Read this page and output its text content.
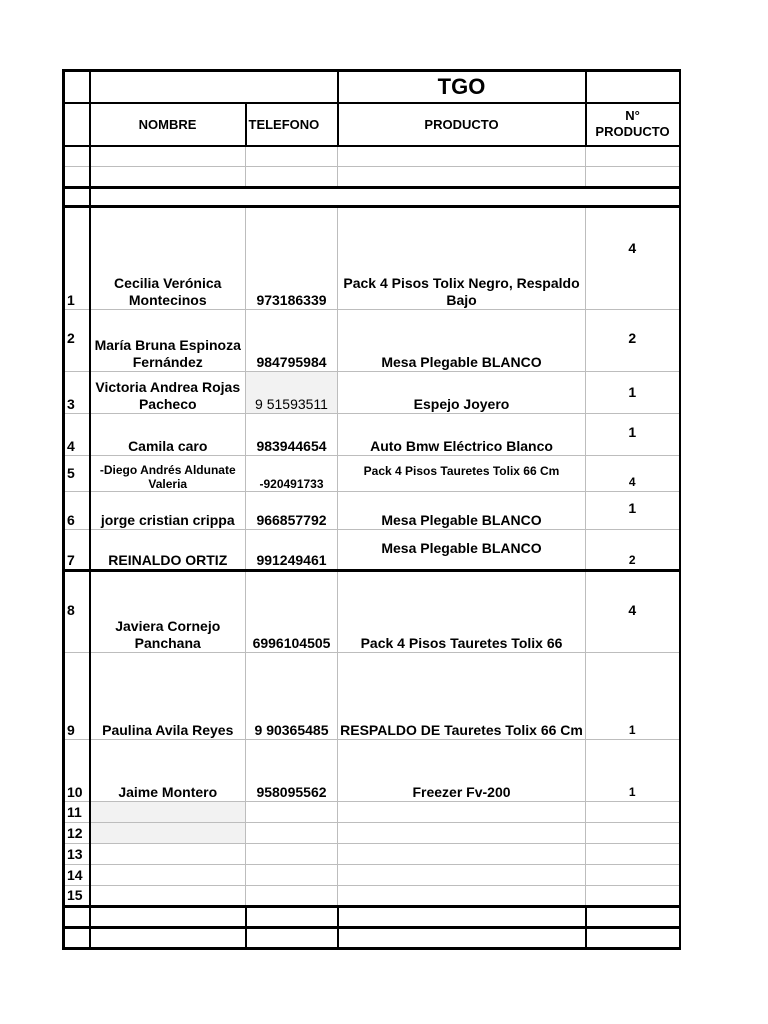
			TGO	
	NOMBRE	TELEFONO	PRODUCTO	N° PRODUCTO

1	Cecilia Verónica Montecinos	973186339	Pack 4 Pisos Tolix Negro, Respaldo Bajo	4
2	María Bruna Espinoza Fernández	984795984	Mesa Plegable BLANCO	2
3	Victoria Andrea Rojas Pacheco	9 51593511	Espejo Joyero	1
4	Camila caro	983944654	Auto Bmw Eléctrico Blanco	1
5	-Diego Andrés Aldunate Valeria	-920491733	Pack 4 Pisos Tauretes Tolix 66 Cm	4
6	jorge cristian crippa	966857792	Mesa Plegable BLANCO	1
7	REINALDO ORTIZ	991249461	Mesa Plegable BLANCO	2
8	Javiera Cornejo Panchana	6996104505	Pack 4 Pisos Tauretes Tolix 66	4
9	Paulina Avila Reyes	9 90365485	RESPALDO DE Tauretes Tolix 66 Cm	1
10	Jaime Montero	958095562	Freezer Fv-200	1
11				
12				
13				
14				
15				
